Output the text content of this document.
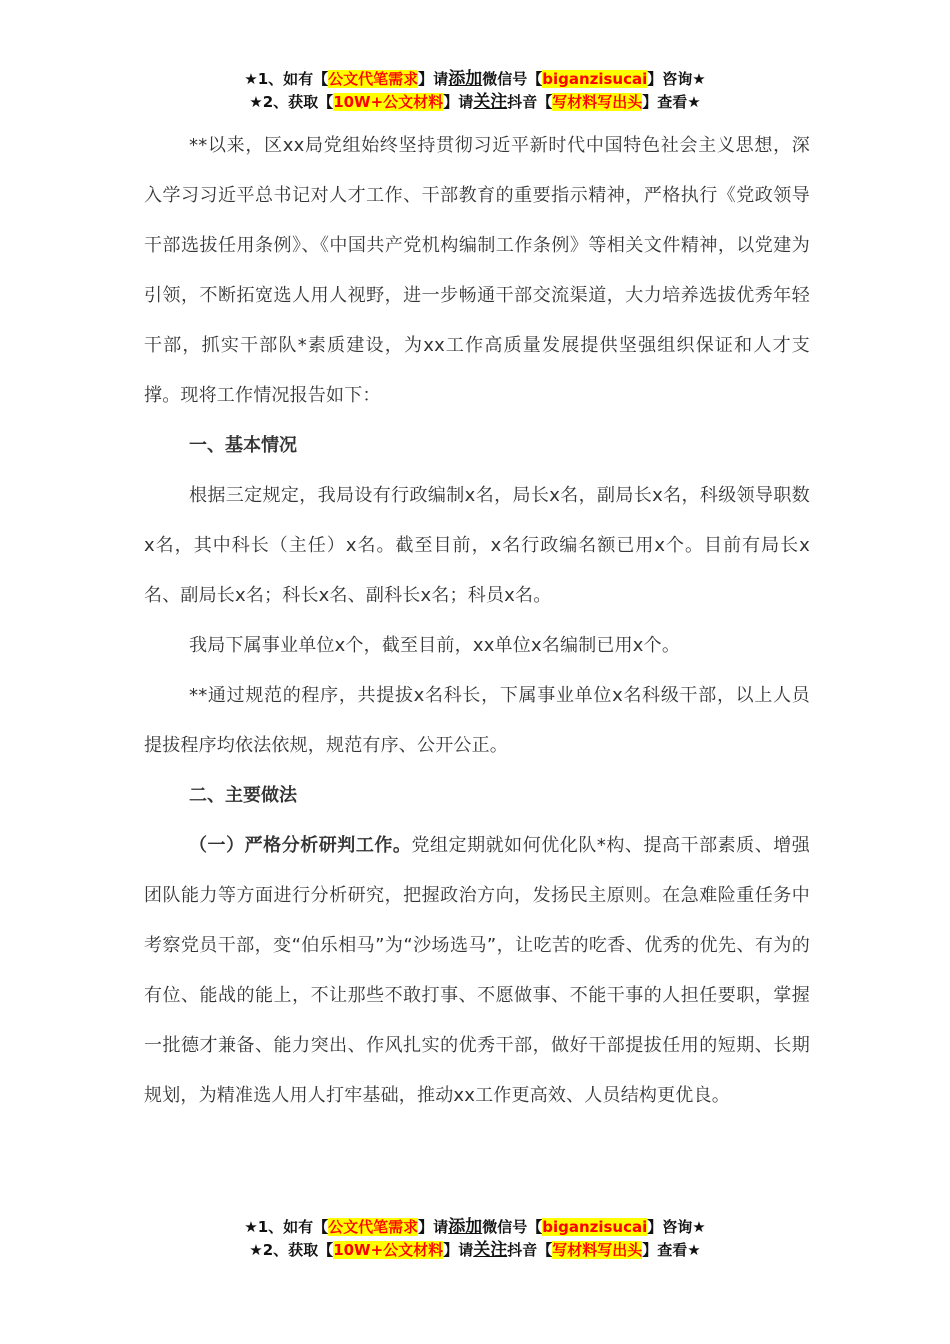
★1、如有【公文代笔需求】请添加微信号【biganzisucai】咨询★
★2、获取【10W+公文材料】请关注抖音【写材料写出头】查看★

**以来，区xx局党组始终坚持贯彻习近平新时代中国特色社会主义思想，深入学习习近平总书记对人才工作、干部教育的重要指示精神，严格执行《党政领导干部选拔任用条例》、《中国共产党机构编制工作条例》等相关文件精神，以党建为引领，不断拓宽选人用人视野，进一步畅通干部交流渠道，大力培养选拔优秀年轻干部，抓实干部队*素质建设，为xx工作高质量发展提供坚强组织保证和人才支撑。现将工作情况报告如下：

一、基本情况

根据三定规定，我局设有行政编制x名，局长x名，副局长x名，科级领导职数x名，其中科长（主任）x名。截至目前，x名行政编名额已用x个。目前有局长x名、副局长x名；科长x名、副科长x名；科员x名。

我局下属事业单位x个，截至目前，xx单位x名编制已用x个。

**通过规范的程序，共提拔x名科长，下属事业单位x名科级干部，以上人员提拔程序均依法依规，规范有序、公开公正。

二、主要做法

（一）严格分析研判工作。党组定期就如何优化队*构、提高干部素质、增强团队能力等方面进行分析研究，把握政治方向，发扬民主原则。在急难险重任务中考察党员干部，变“伯乐相马”为“沙场选马”，让吃苦的吃香、优秀的优先、有为的有位、能战的能上，不让那些不敢打事、不愿做事、不能干事的人担任要职，掌握一批德才兼备、能力突出、作风扎实的优秀干部，做好干部提拔任用的短期、长期规划，为精准选人用人打牢基础，推动xx工作更高效、人员结构更优良。

★1、如有【公文代笔需求】请添加微信号【biganzisucai】咨询★
★2、获取【10W+公文材料】请关注抖音【写材料写出头】查看★
